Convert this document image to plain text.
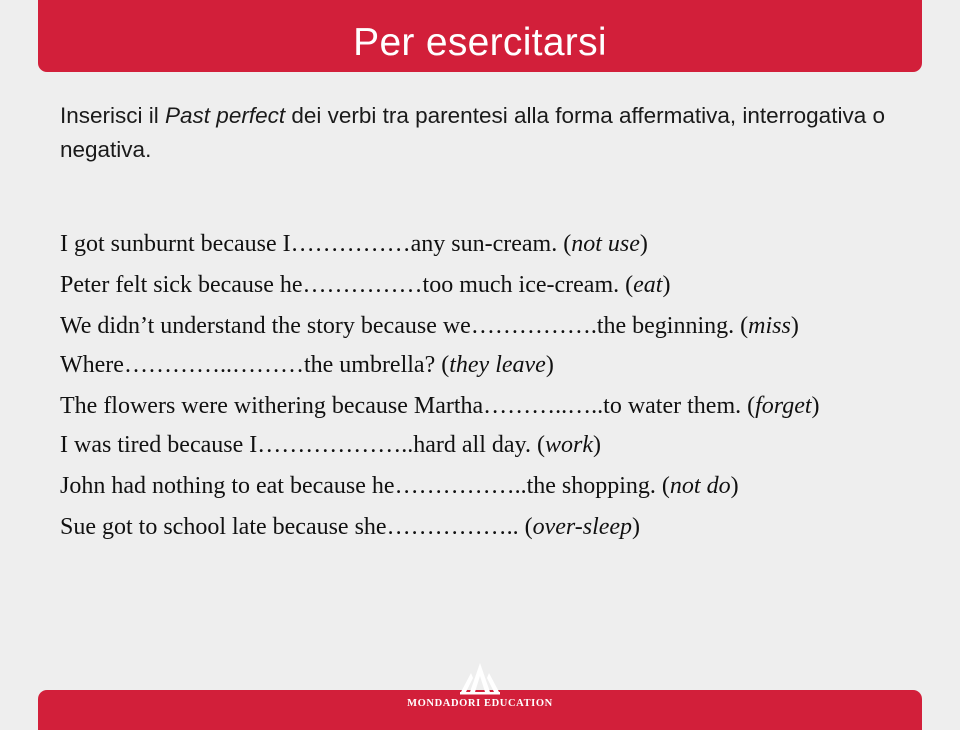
Per esercitarsi
Inserisci il Past perfect dei verbi tra parentesi alla forma affermativa, interrogativa o negativa.
I got sunburnt because I……………any sun-cream. (not use)
Peter felt sick because he……………too much ice-cream. (eat)
We didn’t understand the story because we…………….the beginning. (miss)
Where…………..………the umbrella? (they leave)
The flowers were withering because Martha………..…..to water them. (forget)
I was tired because I………………..hard all day. (work)
John had nothing to eat because he……………..the shopping. (not do)
Sue got to school late because she…………….. (over-sleep)
MONDADORI EDUCATION
